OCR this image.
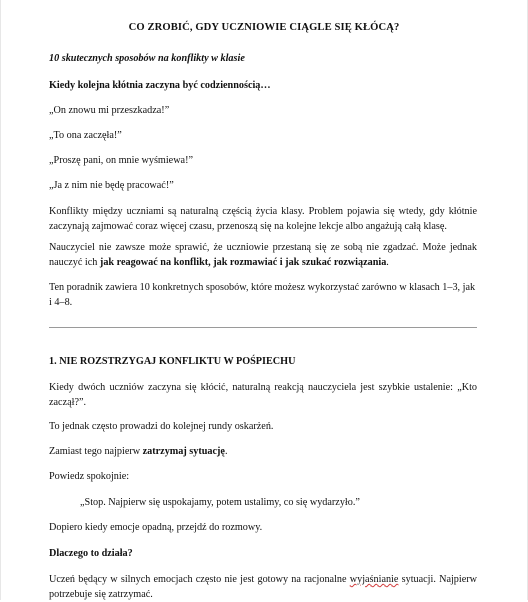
CO ZROBIĆ, GDY UCZNIOWIE CIĄGLE SIĘ KŁÓCĄ?

10 skutecznych sposobów na konflikty w klasie

Kiedy kolejna kłótnia zaczyna być codziennością…

„On znowu mi przeszkadza!”

„To ona zaczęła!”

„Proszę pani, on mnie wyśmiewa!”

„Ja z nim nie będę pracować!”

Konflikty między uczniami są naturalną częścią życia klasy. Problem pojawia się wtedy, gdy kłótnie zaczynają zajmować coraz więcej czasu, przenoszą się na kolejne lekcje albo angażują całą klasę.

Nauczyciel nie zawsze może sprawić, że uczniowie przestaną się ze sobą nie zgadzać. Może jednak nauczyć ich jak reagować na konflikt, jak rozmawiać i jak szukać rozwiązania.

Ten poradnik zawiera 10 konkretnych sposobów, które możesz wykorzystać zarówno w klasach 1–3, jak i 4–8.

1. NIE ROZSTRZYGAJ KONFLIKTU W POŚPIECHU

Kiedy dwóch uczniów zaczyna się kłócić, naturalną reakcją nauczyciela jest szybkie ustalenie: „Kto zaczął?”.

To jednak często prowadzi do kolejnej rundy oskarżeń.

Zamiast tego najpierw zatrzymaj sytuację.

Powiedz spokojnie:

„Stop. Najpierw się uspokajamy, potem ustalimy, co się wydarzyło.”

Dopiero kiedy emocje opadną, przejdź do rozmowy.

Dlaczego to działa?

Uczeń będący w silnych emocjach często nie jest gotowy na racjonalne wyjaśnianie sytuacji. Najpierw potrzebuje się zatrzymać.
